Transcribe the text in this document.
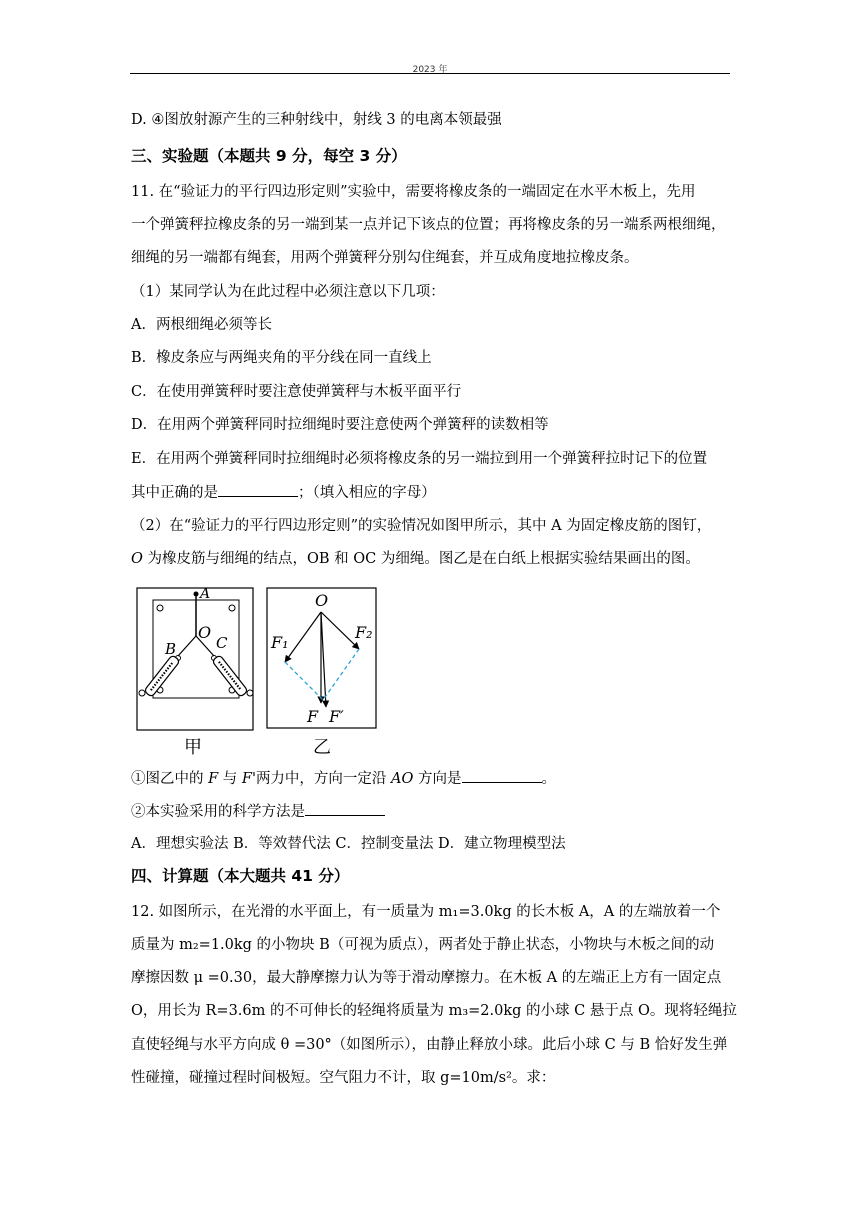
2023 年
D. ④图放射源产生的三种射线中，射线 3 的电离本领最强
三、实验题（本题共 9 分，每空 3 分）
11. 在“验证力的平行四边形定则”实验中，需要将橡皮条的一端固定在水平木板上，先用
一个弹簧秤拉橡皮条的另一端到某一点并记下该点的位置；再将橡皮条的另一端系两根细绳，
细绳的另一端都有绳套，用两个弹簧秤分别勾住绳套，并互成角度地拉橡皮条。
（1）某同学认为在此过程中必须注意以下几项：
A．两根细绳必须等长
B．橡皮条应与两绳夹角的平分线在同一直线上
C．在使用弹簧秤时要注意使弹簧秤与木板平面平行
D．在用两个弹簧秤同时拉细绳时要注意使两个弹簧秤的读数相等
E．在用两个弹簧秤同时拉细绳时必须将橡皮条的另一端拉到用一个弹簧秤拉时记下的位置
其中正确的是	；（填入相应的字母）
（2）在“验证力的平行四边形定则”的实验情况如图甲所示，其中 A 为固定橡皮筋的图钉，
O 为橡皮筋与细绳的结点，OB 和 OC 为细绳。图乙是在白纸上根据实验结果画出的图。
A
O
B	C
O
F₁
F₂
F F′
甲	乙
①图乙中的 F 与 F'两力中，方向一定沿 AO 方向是	。
②本实验采用的科学方法是
A．理想实验法 B．等效替代法 C．控制变量法 D．建立物理模型法
四、计算题（本大题共 41 分）
12. 如图所示，在光滑的水平面上，有一质量为 m₁=3.0kg 的长木板 A，A 的左端放着一个
质量为 m₂=1.0kg 的小物块 B（可视为质点），两者处于静止状态，小物块与木板之间的动
摩擦因数 μ =0.30，最大静摩擦力认为等于滑动摩擦力。在木板 A 的左端正上方有一固定点
O，用长为 R=3.6m 的不可伸长的轻绳将质量为 m₃=2.0kg 的小球 C 悬于点 O。现将轻绳拉
直使轻绳与水平方向成 θ =30°（如图所示），由静止释放小球。此后小球 C 与 B 恰好发生弹
性碰撞，碰撞过程时间极短。空气阻力不计，取 g=10m/s²。求：
